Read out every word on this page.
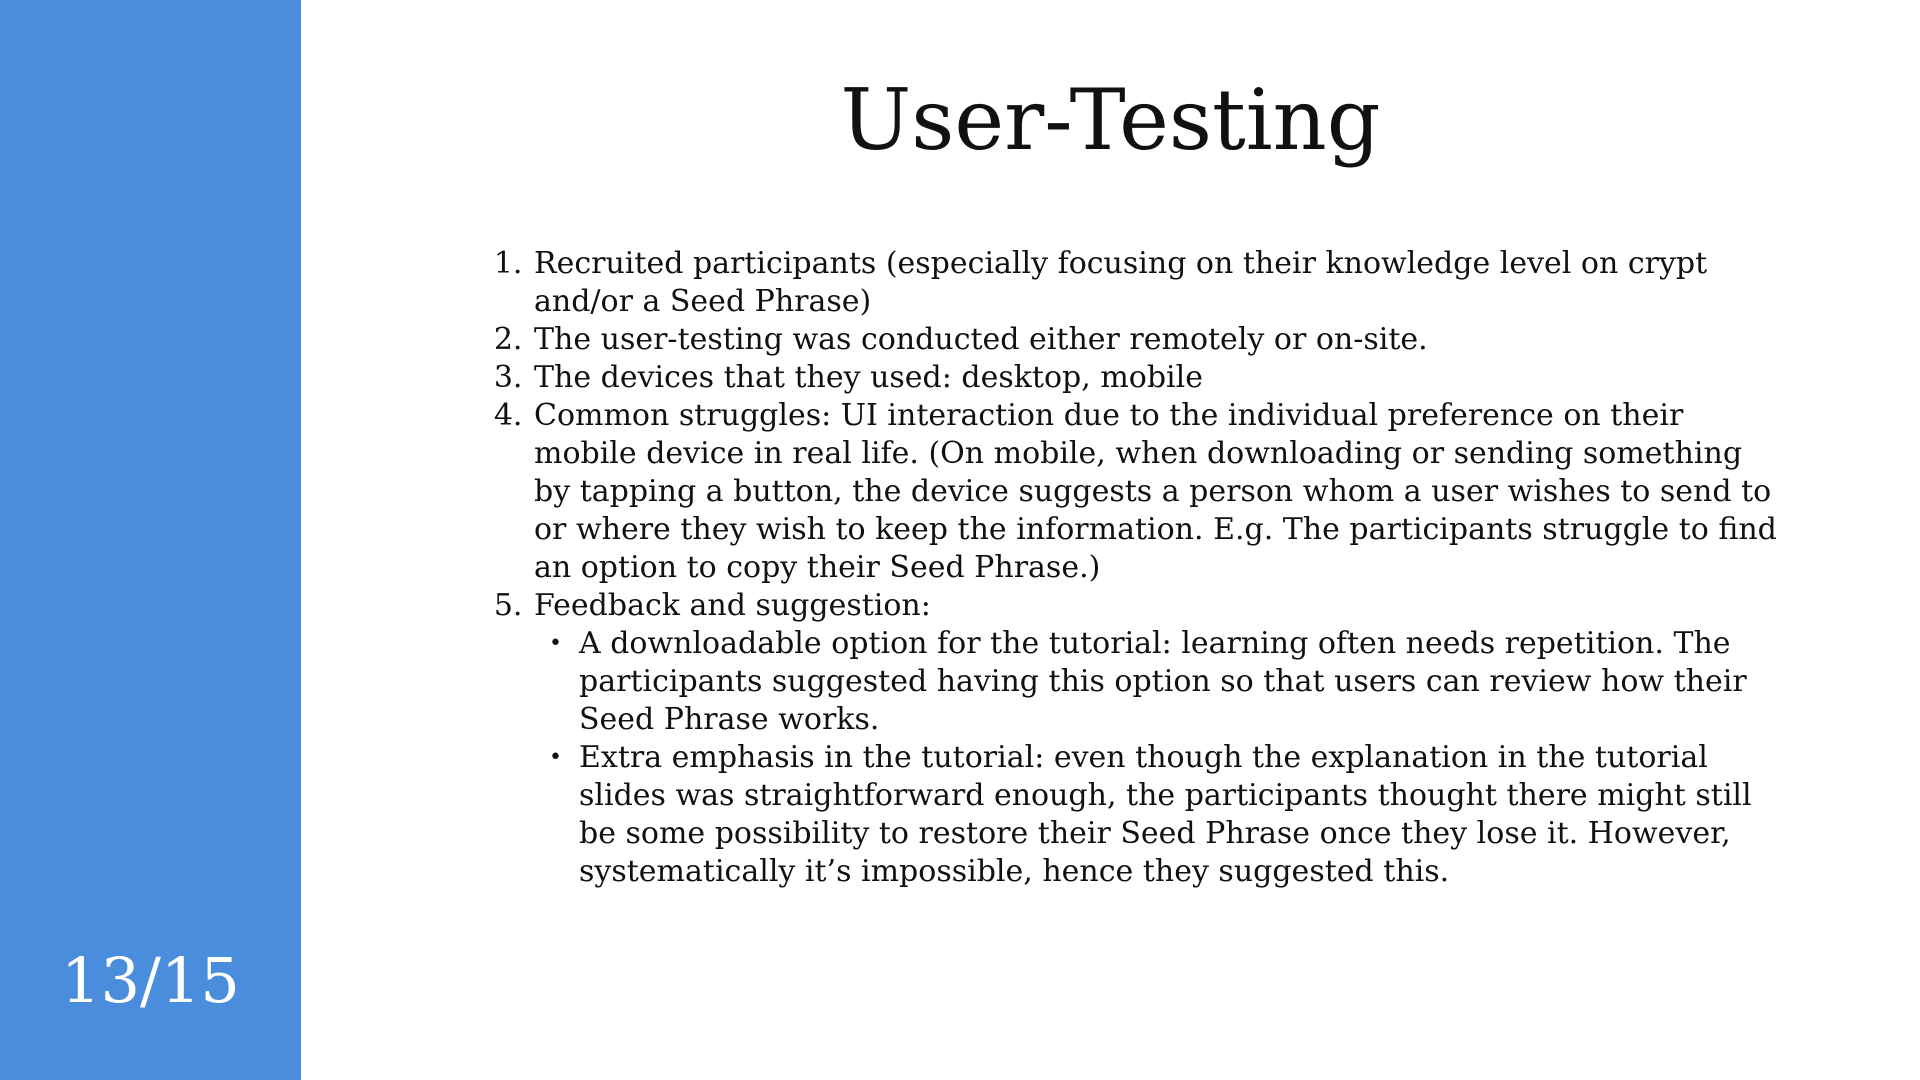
13/15
User-Testing
1. Recruited participants (especially focusing on their knowledge level on crypt and/or a Seed Phrase)
2. The user-testing was conducted either remotely or on-site.
3. The devices that they used: desktop, mobile
4. Common struggles: UI interaction due to the individual preference on their mobile device in real life. (On mobile, when downloading or sending something by tapping a button, the device suggests a person whom a user wishes to send to or where they wish to keep the information. E.g. The participants struggle to find an option to copy their Seed Phrase.)
5. Feedback and suggestion:
• A downloadable option for the tutorial: learning often needs repetition. The participants suggested having this option so that users can review how their Seed Phrase works.
• Extra emphasis in the tutorial: even though the explanation in the tutorial slides was straightforward enough, the participants thought there might still be some possibility to restore their Seed Phrase once they lose it. However, systematically it’s impossible, hence they suggested this.
